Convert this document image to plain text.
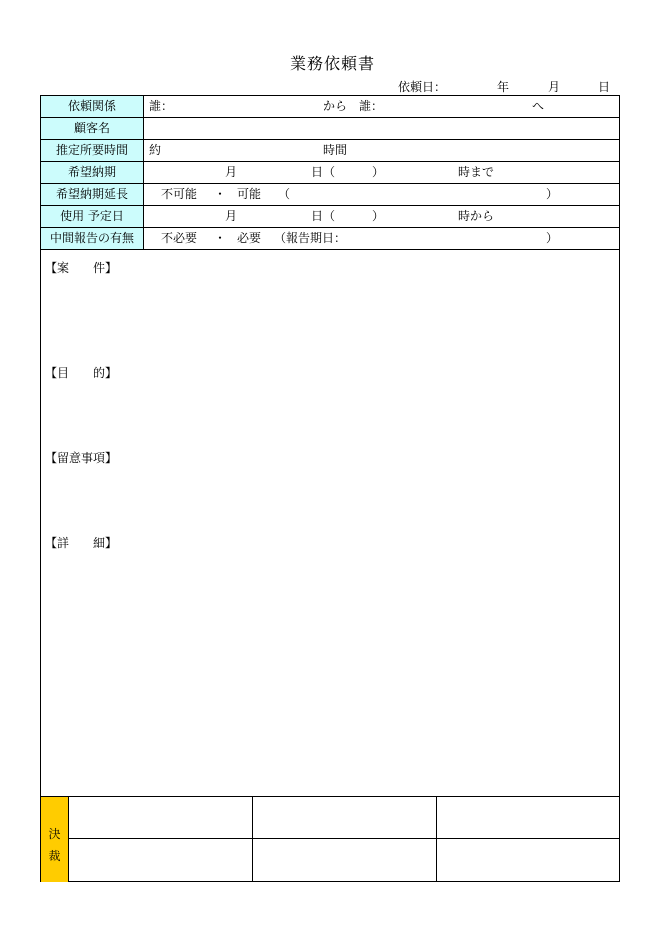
業務依頼書
依頼日：	年	月	日
依頼関係	誰：	から　誰：	へ
顧客名
推定所要時間	約	時間
希望納期	月	日（	）	時まで
希望納期延長	不可能 ・ 可能 （	）
使用 予定日	月	日（	）	時から
中間報告の有無	不必要 ・ 必要 （報告期日：	）
【案　　件】
【目　　的】
【留意事項】
【詳　　細】
決
裁
